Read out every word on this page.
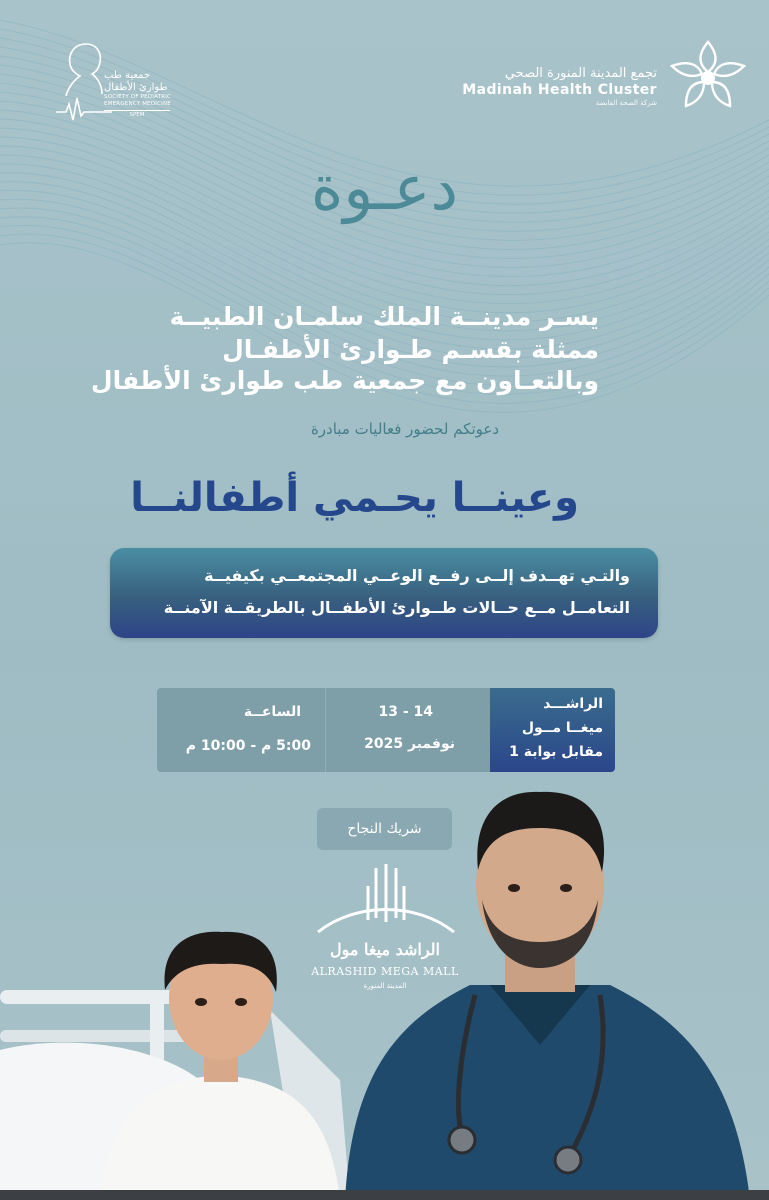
تجمع المدينة المنورة الصحي
Madinah Health Cluster
شركة الصحة القابضة
جمعية طب
طوارئ الأطفال
SOCIETY OF PEDIATRIC
EMERGENCY MEDICINE
SPEM
دعـوة
يسـر مدينــة الملك سلمـان الطبيــة
ممثلة بقسـم طـوارئ الأطفـال
وبالتعـاون مع جمعية طب طوارئ الأطفال
دعوتكم لحضور فعاليات مبادرة
وعينــا يحـمي أطفالنــا
والتـي تهــدف إلــى رفــع الوعــي المجتمعــي بكيفيــة
التعامــل مــع حــالات طــوارئ الأطفــال بالطريقــة الآمنــة
الساعــة
5:00 م - 10:00 م
13 - 14
نوفمبر 2025
الراشـــد
ميغــا مــول
مقابل بوابة 1
شريك النجاح
الراشد ميغا مول
ALRASHID MEGA MALL
المدينة المنورة
